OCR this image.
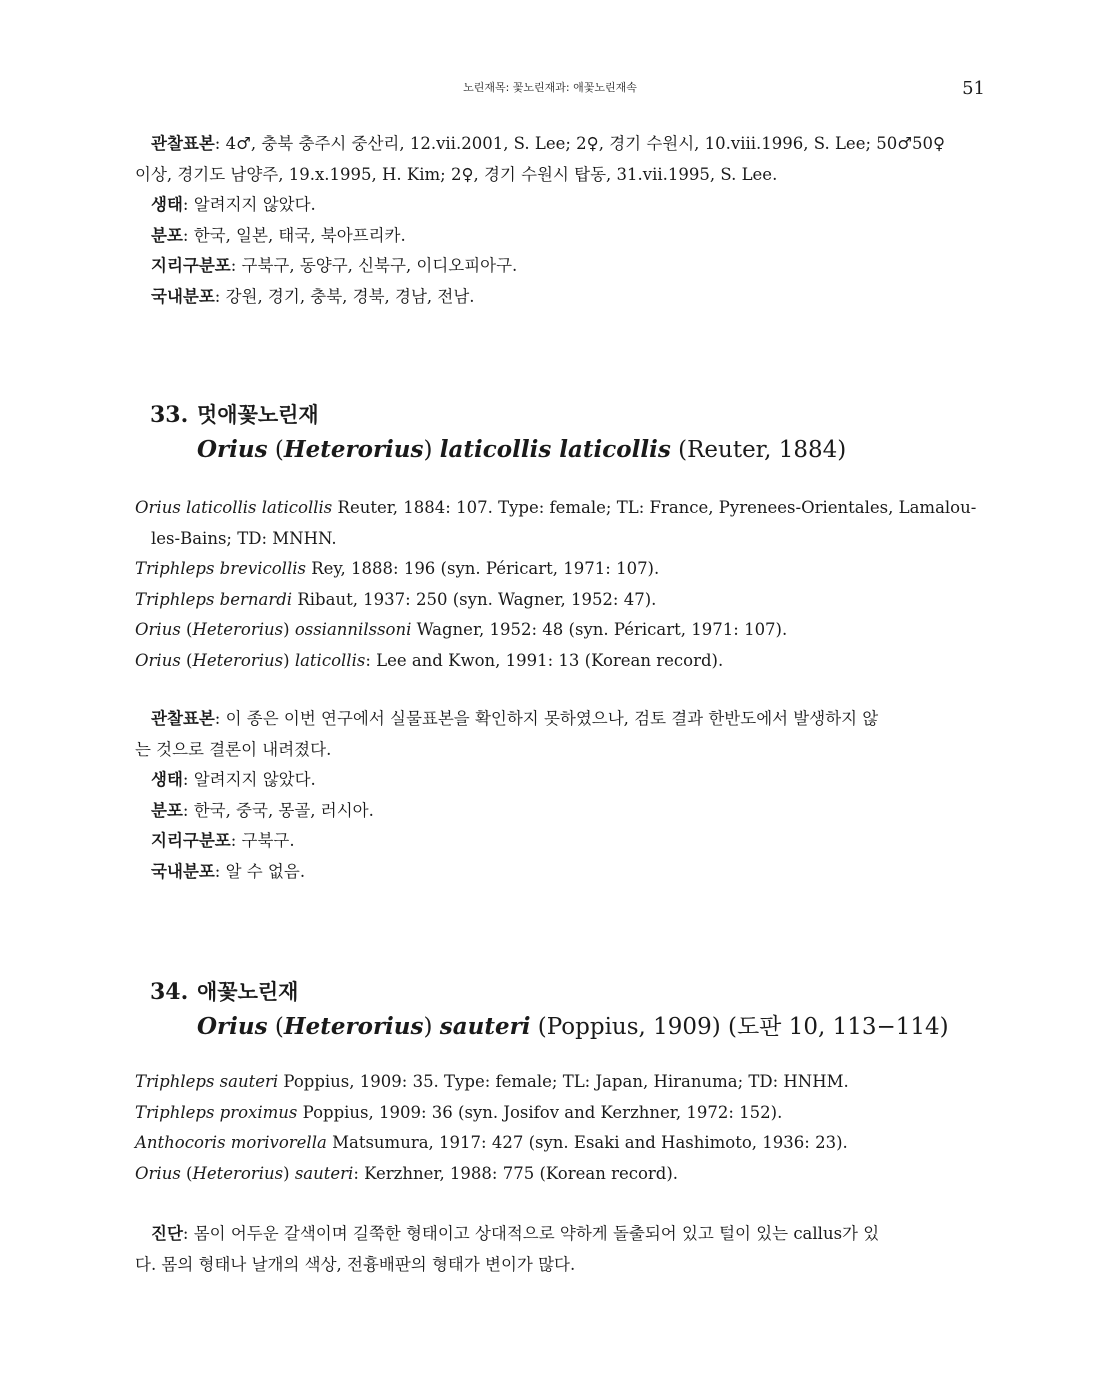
노린재목: 꽃노린재과: 애꽃노린재속	51

관찰표본: 4♂, 충북 충주시 중산리, 12.vii.2001, S. Lee; 2♀, 경기 수원시, 10.viii.1996, S. Lee; 50♂50♀

이상, 경기도 남양주, 19.x.1995, H. Kim; 2♀, 경기 수원시 탑동, 31.vii.1995, S. Lee.

생태: 알려지지 않았다.

분포: 한국, 일본, 태국, 북아프리카.

지리구분포: 구북구, 동양구, 신북구, 이디오피아구.

국내분포: 강원, 경기, 충북, 경북, 경남, 전남.

33. 멋애꽃노린재
Orius (Heterorius) laticollis laticollis (Reuter, 1884)

Orius laticollis laticollis Reuter, 1884: 107. Type: female; TL: France, Pyrenees-Orientales, Lamalou-
les-Bains; TD: MNHN.

Triphleps brevicollis Rey, 1888: 196 (syn. Péricart, 1971: 107).

Triphleps bernardi Ribaut, 1937: 250 (syn. Wagner, 1952: 47).

Orius (Heterorius) ossiannilssoni Wagner, 1952: 48 (syn. Péricart, 1971: 107).

Orius (Heterorius) laticollis: Lee and Kwon, 1991: 13 (Korean record).

관찰표본: 이 종은 이번 연구에서 실물표본을 확인하지 못하였으나, 검토 결과 한반도에서 발생하지 않

는 것으로 결론이 내려졌다.

생태: 알려지지 않았다.

분포: 한국, 중국, 몽골, 러시아.

지리구분포: 구북구.

국내분포: 알 수 없음.

34. 애꽃노린재
Orius (Heterorius) sauteri (Poppius, 1909) (도판 10, 113−114)

Triphleps sauteri Poppius, 1909: 35. Type: female; TL: Japan, Hiranuma; TD: HNHM.

Triphleps proximus Poppius, 1909: 36 (syn. Josifov and Kerzhner, 1972: 152).

Anthocoris morivorella Matsumura, 1917: 427 (syn. Esaki and Hashimoto, 1936: 23).

Orius (Heterorius) sauteri: Kerzhner, 1988: 775 (Korean record).

진단: 몸이 어두운 갈색이며 길쭉한 형태이고 상대적으로 약하게 돌출되어 있고 털이 있는 callus가 있

다. 몸의 형태나 날개의 색상, 전흉배판의 형태가 변이가 많다.
